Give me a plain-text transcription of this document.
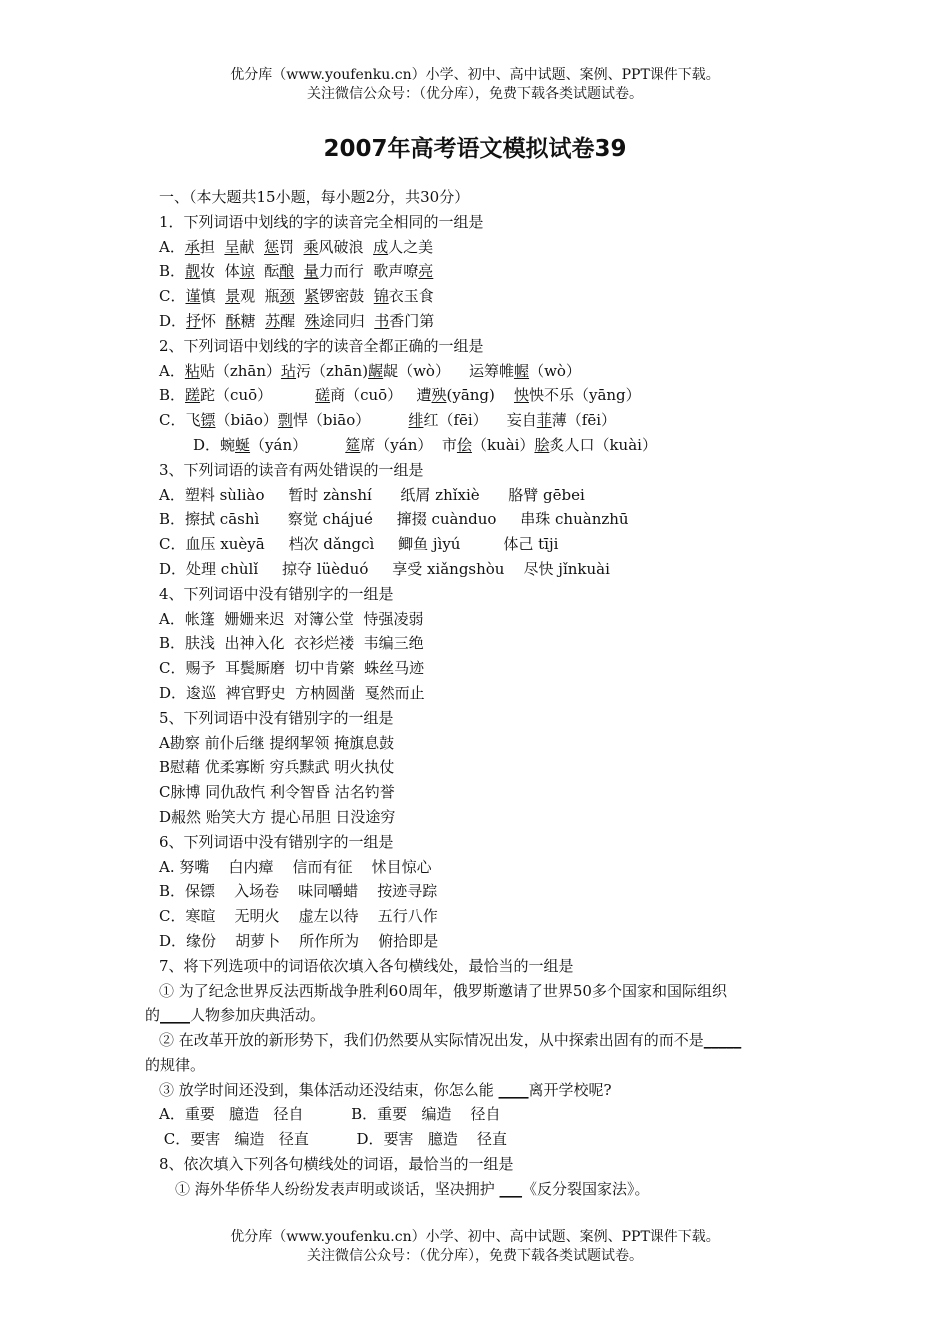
优分库（www.youfenku.cn）小学、初中、高中试题、案例、PPT课件下载。
关注微信公众号：（优分库），免费下载各类试题试卷。
2007年高考语文模拟试卷39
一、（本大题共15小题，每小题2分，共30分）
1．下列词语中划线的字的读音完全相同的一组是
A．承担  呈献  惩罚  乘风破浪  成人之美
B．靓妆  体谅  酝酿 量力而行  歌声嘹亮
C．谨慎  景观  瓶颈 紧锣密鼓  锦衣玉食
D．抒怀  酥糖  苏醒  殊途同归  书香门第
2、下列词语中划线的字的读音全都正确的一组是
A．粘贴（zhān）玷污（zhān)龌龊（wò）    运筹帷幄（wò）
B．蹉跎（cuō）         磋商（cuō）   遭殃(yāng)    怏怏不乐（yāng）
C．飞镖（biāo）剽悍（biāo）        绯红（fēi）    妄自菲薄（fēi）
D．蜿蜒（yán）        筵席（yán）  市侩（kuài）脍炙人口（kuài）
3、下列词语的读音有两处错误的一组是
A．塑料 sùliào     暂时 zànshí      纸屑 zhǐxiè      胳臂 gēbei
B．擦拭 cāshì      察觉 chájué     撺掇 cuànduo     串珠 chuànzhū
C．血压 xuèyā     档次 dǎngcì     鲫鱼 jìyú         体己 tīji
D．处理 chùlǐ     掠夺 lüèduó     享受 xiǎngshòu    尽快 jǐnkuài
4、下列词语中没有错别字的一组是
A．帐篷  姗姗来迟  对簿公堂  恃强凌弱
B．肤浅  出神入化  衣衫烂褛  韦编三绝
C．赐予  耳鬓厮磨  切中肯綮  蛛丝马迹
D．逡巡  裨官野史  方枘圆凿  戛然而止
5、下列词语中没有错别字的一组是
A勘察 前仆后继 提纲挈领 掩旗息鼓
B慰藉 优柔寡断 穷兵黩武 明火执仗
C脉博 同仇敌忾 利令智昏 沽名钓誉
D赧然 贻笑大方 提心吊胆 日没途穷
6、下列词语中没有错别字的一组是
A. 努嘴    白内瘴    信而有征    怵目惊心
B．保镖    入场卷    味同嚼蜡    按迹寻踪
C．寒暄    无明火    虚左以待    五行八作
D．缘份    胡萝卜    所作所为    俯拾即是
7、将下列选项中的词语依次填入各句横线处，最恰当的一组是
① 为了纪念世界反法西斯战争胜利60周年，俄罗斯邀请了世界50多个国家和国际组织
的____人物参加庆典活动。
② 在改革开放的新形势下，我们仍然要从实际情况出发，从中探索出固有的而不是_____
的规律。
③ 放学时间还没到，集体活动还没结束，你怎么能 ____离开学校呢?
A．重要   臆造   径自          B．重要   编造    径自
C．要害   编造   径直          D．要害   臆造    径直
8、依次填入下列各句横线处的词语，最恰当的一组是
① 海外华侨华人纷纷发表声明或谈话，坚决拥护 ___《反分裂国家法》。
优分库（www.youfenku.cn）小学、初中、高中试题、案例、PPT课件下载。
关注微信公众号：（优分库），免费下载各类试题试卷。
